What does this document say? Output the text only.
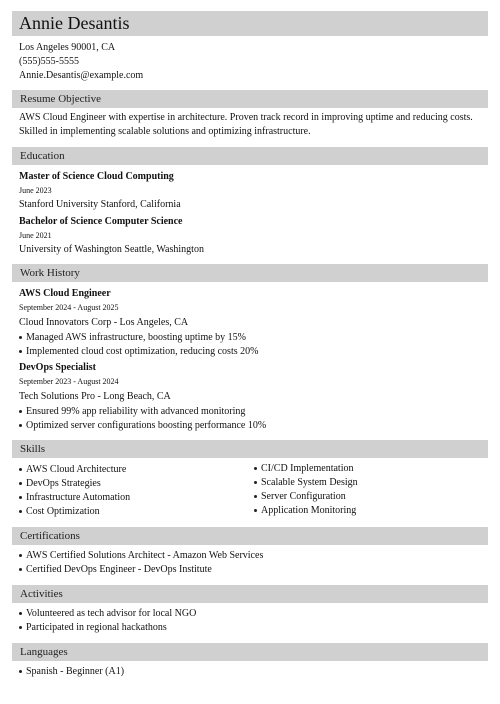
Annie Desantis
Los Angeles 90001, CA
(555)555-5555
Annie.Desantis@example.com
Resume Objective
AWS Cloud Engineer with expertise in architecture. Proven track record in improving uptime and reducing costs. Skilled in implementing scalable solutions and optimizing infrastructure.
Education
Master of Science Cloud Computing
June 2023
Stanford University Stanford, California
Bachelor of Science Computer Science
June 2021
University of Washington Seattle, Washington
Work History
AWS Cloud Engineer
September 2024 - August 2025
Cloud Innovators Corp - Los Angeles, CA
Managed AWS infrastructure, boosting uptime by 15%
Implemented cloud cost optimization, reducing costs 20%
DevOps Specialist
September 2023 - August 2024
Tech Solutions Pro - Long Beach, CA
Ensured 99% app reliability with advanced monitoring
Optimized server configurations boosting performance 10%
Skills
AWS Cloud Architecture
DevOps Strategies
Infrastructure Automation
Cost Optimization
CI/CD Implementation
Scalable System Design
Server Configuration
Application Monitoring
Certifications
AWS Certified Solutions Architect - Amazon Web Services
Certified DevOps Engineer - DevOps Institute
Activities
Volunteered as tech advisor for local NGO
Participated in regional hackathons
Languages
Spanish - Beginner (A1)
